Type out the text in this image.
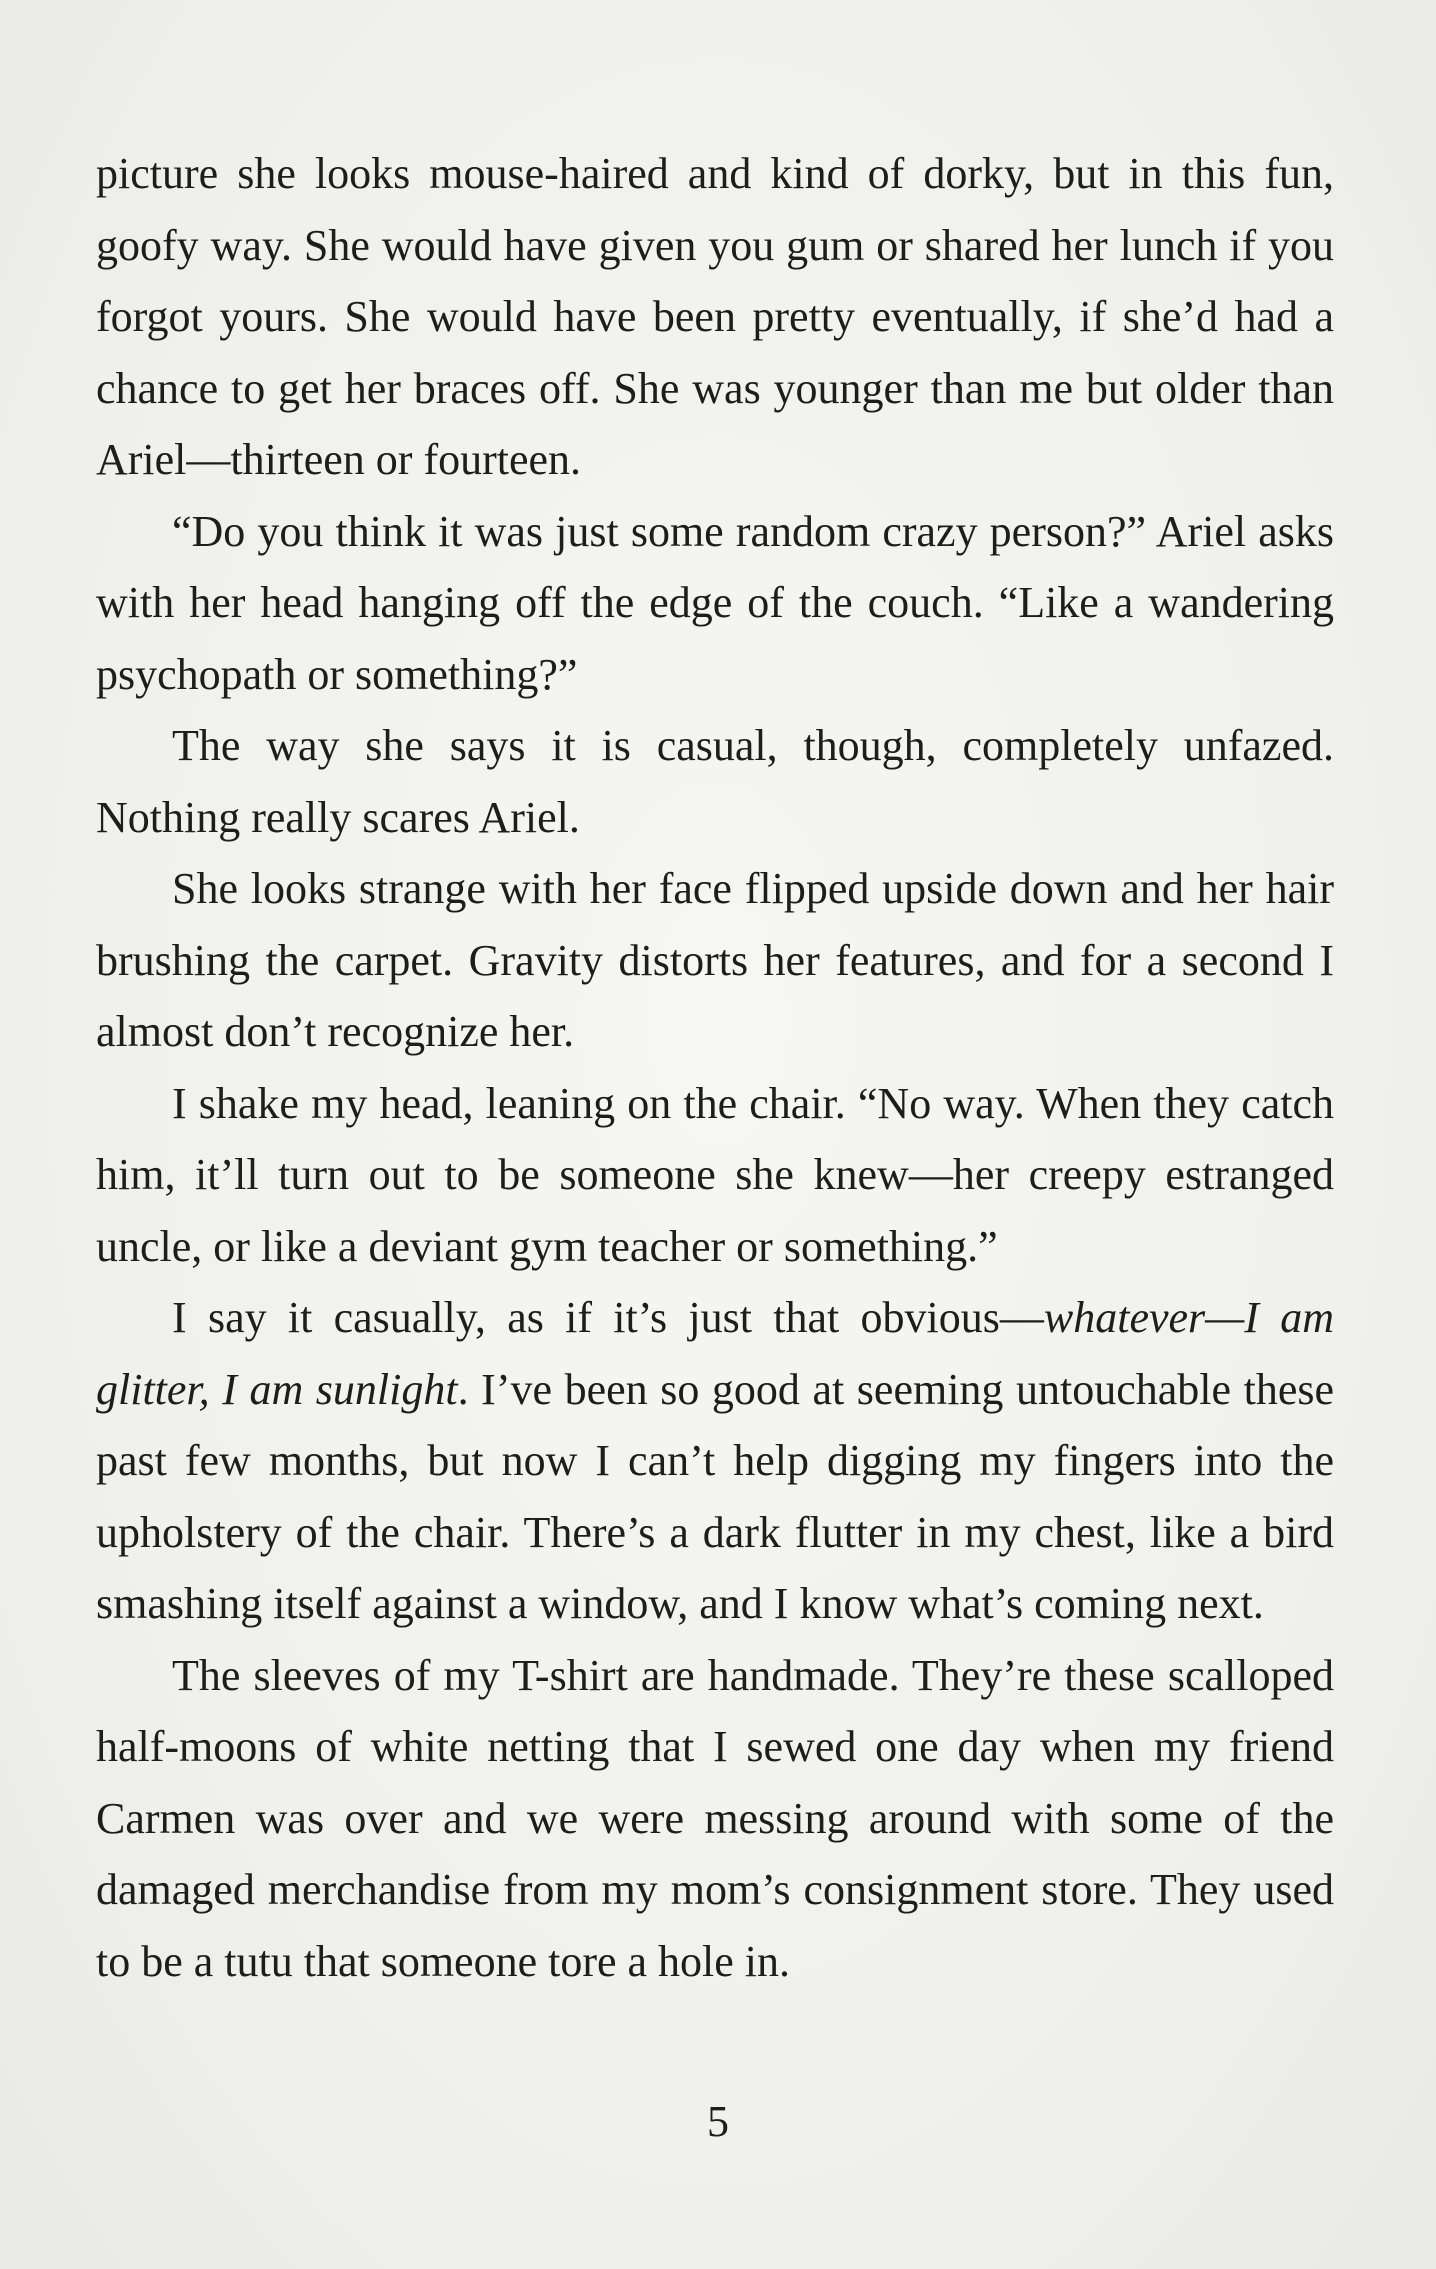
picture she looks mouse-haired and kind of dorky, but in this fun, goofy way. She would have given you gum or shared her lunch if you forgot yours. She would have been pretty eventually, if she’d had a chance to get her braces off. She was younger than me but older than Ariel—thirteen or fourteen.

“Do you think it was just some random crazy person?” Ariel asks with her head hanging off the edge of the couch. “Like a wandering psychopath or something?”

The way she says it is casual, though, completely unfazed. Nothing really scares Ariel.

She looks strange with her face flipped upside down and her hair brushing the carpet. Gravity distorts her features, and for a second I almost don’t recognize her.

I shake my head, leaning on the chair. “No way. When they catch him, it’ll turn out to be someone she knew—her creepy estranged uncle, or like a deviant gym teacher or something.”

I say it casually, as if it’s just that obvious—whatever—I am glitter, I am sunlight. I’ve been so good at seeming untouchable these past few months, but now I can’t help digging my fingers into the upholstery of the chair. There’s a dark flutter in my chest, like a bird smashing itself against a window, and I know what’s coming next.

The sleeves of my T-shirt are handmade. They’re these scalloped half-moons of white netting that I sewed one day when my friend Carmen was over and we were messing around with some of the damaged merchandise from my mom’s consignment store. They used to be a tutu that someone tore a hole in.

5
